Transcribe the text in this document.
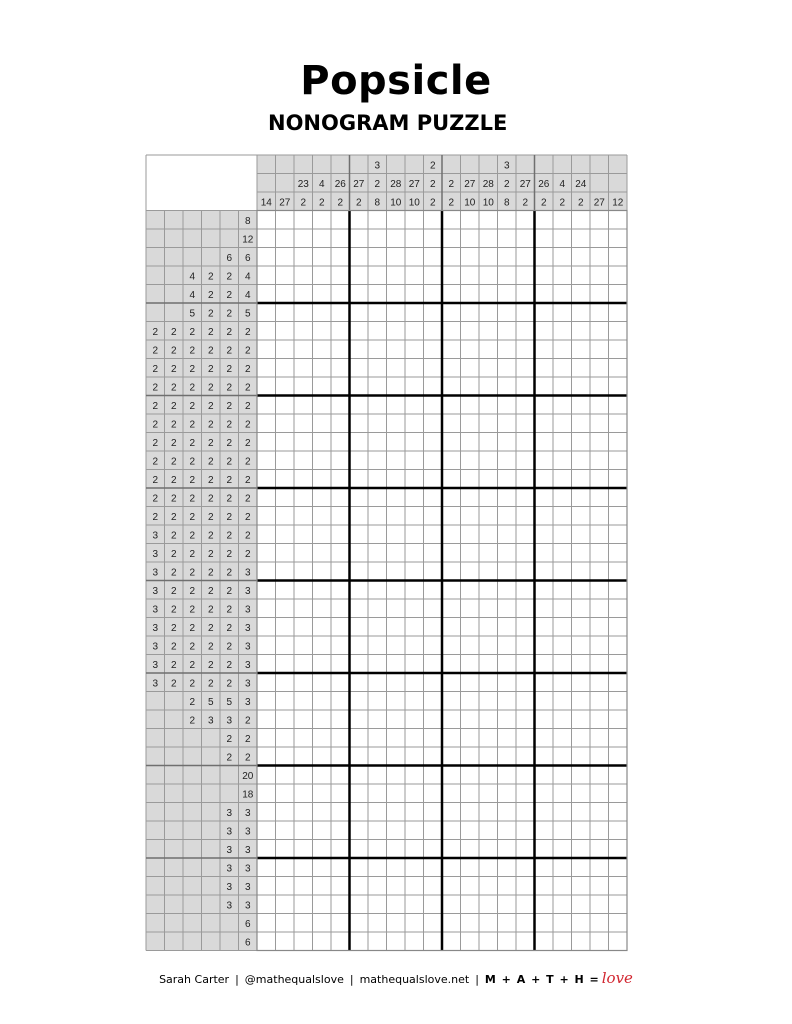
Popsicle
NONOGRAM PUZZLE
14 27
23
2
4
2
26
2
27
2
3
2
8
28
10
27
10
2
2
2
2
2
27
10
28
10
3
2
8
27
2
26
2
4
2
24
2 27 12
8
12
6 6
4 2 2 4
4 2 2 4
5 2 2 5
2 2 2 2 2 2
2 2 2 2 2 2
2 2 2 2 2 2
2 2 2 2 2 2
2 2 2 2 2 2
2 2 2 2 2 2
2 2 2 2 2 2
2 2 2 2 2 2
2 2 2 2 2 2
2 2 2 2 2 2
2 2 2 2 2 2
3 2 2 2 2 2
3 2 2 2 2 2
3 2 2 2 2 3
3 2 2 2 2 3
3 2 2 2 2 3
3 2 2 2 2 3
3 2 2 2 2 3
3 2 2 2 2 3
3 2 2 2 2 3
2 5 5 3
2 3 3 2
2 2
2 2
20
18
3 3
3 3
3 3
3 3
3 3
3 3
6
6
Sarah Carter | @mathequalslove | mathequalslove.net | M + A + T + H = love
